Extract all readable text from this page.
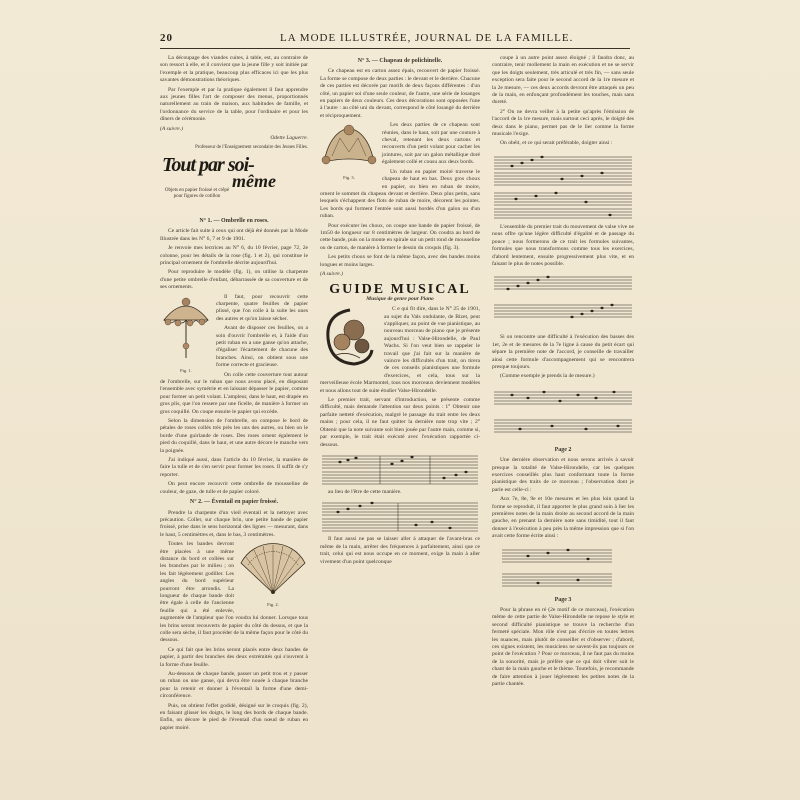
20	LA MODE ILLUSTRÉE, JOURNAL DE LA FAMILLE.

La découpage des viandes cuites, à table, est, au contraire de son ressort à elle, et il convient que la jeune fille y soit initiée par l'exemple et la pratique, beaucoup plus efficaces ici que les plus savantes démonstrations théoriques.

Par l'exemple et par la pratique également il faut apprendre aux jeunes filles l'art de composer des menus, proportionnés naturellement au train de maison, aux habitudes de famille, et l'ordonnance du service de la table, pour l'ordinaire et pour les dîners de cérémonie.

(A suivre.)
Odette Laguerre.
Professeur de l'Enseignement secondaire des Jeunes Filles.
Tout par soi-
même
Objets en papier froissé et crêpé pour figures de cotillon
N° 1. — Ombrelle en roses.

Ce article fait suite à ceux qui ont déjà été donnés par la Mode Illustrée dans les N° 6, 7 et 9 de 1901.

Je renvoie mes lectrices au N° 6, du 10 février, page 72, 2e colonne, pour les détails de la rose (fig. 1 et 2), qui constitue le principal ornement de l'ombrelle décrite aujourd'hui.

Pour reproduire le modèle (fig. 1), on utilise la charpente d'une petite ombrelle d'enfant, débarrassée de sa couverture et de ses ornements.

Fig. 1.

Il faut, pour recouvrir cette charpente, quatre feuilles de papier plissé, que l'on colle à la suite les unes des autres et qu'on laisse sécher.

Avant de disposer ces feuilles, on a soin d'ouvrir l'ombrelle et, à l'aide d'un petit ruban en a une ganse qu'on attache, d'égaliser l'écartement de chacune des branches. Ainsi, on obtient sous une forme correcte et gracieuse.

On colle cette couverture tout autour de l'ombrelle, sur le ruban que nous avons placé, en disposant l'ensemble avec symétrie et en laissant dépasser le papier, comme pour former un petit volant. L'ampleur, dans le haut, est drapée en gros plis, que l'on ressere par une ficelle, de manière à former un gros coquillé. On coupe ensuite le papier qui excède.

Selon la dimension de l'ombrelle, on compose le bord de pétales de roses collés très près les uns des autres, ou bien on le borde d'une guirlande de roses. Des roses ornent également le pied du coquillé, dans le haut, et une autre décore le manche vers la poignée.

J'ai indiqué aussi, dans l'article du 10 février, la manière de faire la tulle et de s'en servir pour former les roses. Il suffit de s'y reporter.

On peut encore recouvrir cette ombrelle de mousseline de couleur, de gaze, de tulle et de papier coloré.

N° 2. — Éventail en papier froissé.

Prendre la charpente d'un vieil éventail et la nettoyer avec précaution. Coller, sur chaque brin, une petite bande de papier froissé, prise dans le sens horizontal des lignes — mesurant, dans le haut, 5 centimètres et, dans le bas, 3 centimètres.

Fig. 2.

Toutes les bandes devront être placées à une même distance du bord et collées sur les branches par le milieu ; on les fait légèrement godiller. Les angles du bord supérieur pourront être arrondis. La longueur de chaque bande doit être égale à celle de l'ancienne feuille qui a été enlevée, augmentée de l'ampleur que l'on voudra lui donner. Lorsque tous les brins seront recouverts de papier du côté du dessus, et que la colle sera sèche, il faut procéder de la même façon pour le côté du dessous.

Ce qui fait que les brins seront placés entre deux bandes de papier, à partir des branches des deux extrémités qui s'ouvrent à la forme d'une feuille.

Au-dessous de chaque bande, passer un petit trou et y passer un ruban ou une ganse, qui devra être nouée à chaque branche pour la retenir et donner à l'éventail la forme d'une demi-circonférence.

Puis, on obtient l'effet godidé, désigné sur le croquis (fig. 2), en faisant glisser les doigts, le long des bords de chaque bande. Enfin, on décore le pied de l'éventail d'un nœud de ruban en papier moiré.

N° 3. — Chapeau de polichinelle.

Ce chapeau est en carton assez épais, recouvert de papier froissé. La forme se compose de deux parties : le devant et le derrière. Chacune de ces parties est décorée par motifs de deux façons différentes : d'un côté, un papier soi d'une seule couleur, de l'autre, une série de losanges en papiers de deux couleurs. Ces deux décorations sont opposées l'une à l'autre : au côté uni du devant, correspond le côté losangé du derrière et réciproquement.

Fig. 3.

Les deux parties de ce chapeau sont réunies, dans le haut, soit par une couture à cheval, retenant les deux cartons et recouverts d'un petit volant pour cacher les jointures, soit par un galon métallique doré également collé et cousu aux deux bords.

Un ruban en papier moiré traverse le chapeau de haut en bas. Deux gros choux en papier, ou bien en ruban de moire, ornent le sommet du chapeau devant et derrière. Deux plus petits, sans lesquels s'échappent des flots de ruban de moire, décorent les pointes. Les bords qui forment l'entrée sont aussi bordés d'un galon ou d'un ruban.

Pour exécuter les choux, on coupe une bande de papier froissé, de 1m50 de longueur sur 8 centimètres de largeur. On coudra au bord de cette bande, puis on la monte en spirale sur un petit rond de mousseline ou de carton, de manière à former le dessin du croquis (fig. 3).

Les petits choux se font de la même façon, avec des bandes moins longues et moins larges.

(A suivre.)
GUIDE MUSICAL
Musique de genre pour Piano

C e qui fit dire, dans le N° 25 de 1901, au sujet du Vals ondulante, de Bizet, peut s'appliquer, au point de vue pianistique, au nouveau morceau de piano que je présente aujourd'hui : Valse-Hirondelle, de Paul Wachs. Si l'on veut bien se rappeler le travail que j'ai fait sur la manière de vaincre les difficultés d'un trait, on tirera de ces conseils pianistiques une formule d'exercices, et cela, tous sur la merveilleuse école Marmontel, tous nos morceaux deviennent modèles et nous allons tout de suite étudier Valse-Hirondelle.

Le premier trait, servant d'introduction, se présente comme difficulté, mais demande l'attention sur deux points : 1° Obtenir une parfaite netteté d'exécution, malgré le passage du trait entre les deux mains ; pour cela, il ne faut quitter la dernière note trop vite ; 2° Obtenir que la note suivante soit bien jouée par l'autre main, comme si, par exemple, le trait était exécuté avec l'exécution rapportée ci-dessous.

au lieu de l'être de cette manière.

Il faut aussi ne pas se laisser aller à attaquer de l'avant-bras ce même de la main, arrêter des fréquences à parfaitement, ainsi que ce trait, celui qui est nous occupe en ce moment, exige la main à aller vivement d'un point quelconque

coupe à un autre point assez éloigné ; il faudra donc, au contraire, tenir mollement la main en exécution et ne se servir que les doigts seulement, très articulé et très fin, — sans seule exception sera faite pour le second accord de la 1re mesure et la 2e mesure, — ces deux accords devront être attaqués un peu de la main, en enfonçant profondément les touches, mais sans dureté.

2° On ne devra veiller à la petite qu'après l'émission de l'accord de la 1re mesure, mais surtout ceci après, le doigté des deux dans le piano, permet pas de le lier comme la forme musicale l'exige.

On obéit, et ce qui serait préférable, doigter ainsi :

L'ensemble du premier trait du mouvement de valse vive ne nous offre qu'une légère difficulté d'égalité et de passage du pouce ; nous formerons de ce trait les formules suivantes, formules que nous transformons comme tous les exercices, d'abord lentement, ensuite progressivement plus vite, et en faisant le plus de notes possible.

Si on rencontre une difficulté à l'exécution des basses des 1er, 2e et 4e mesures de la 7e ligne à cause du petit écart qui sépare la première note de l'accord, je conseille de travailler ainsi cette formule d'accompagnement qui se rencontrera presque toujours.

(Comme exemple je prends la 4e mesure.)

Page 2

Une dernière observation et nous serons arrivés à savoir presque la totalité de Valse-Hirondelle, car les quelques exercices conseillés plus haut conformant toute la forme pianistique des traits de ce morceau ; l'observation dont je parle est celle-ci :

Aux 7e, 8e, 9e et 10e mesures et les plus loin quand la forme se reproduit, il faut apporter le plus grand soin à lier les premières notes de la main droite au second accord de la main gauche, en prenant la dernière note sans timidité, tout il faut donner à l'exécution à peu près la même impression que si l'on avait cette forme écrite ainsi :

Page 3

Pour la phrase en ré (2e motif de ce morceau), l'exécution même de cette partie de Valse-Hirondelle ne repose le style et second difficulté pianistique se trouve la recherche d'un fermeté spéciale. Mon rôle n'est pas d'écrire en toutes lettres les nuances, mais plutôt de conseiller et d'observer ; d'abord, ces signes existent, les musiciens ne savent-ils pas toujours ce point de l'exécution ? Pour ce morceau, il ne faut pas du moins de la sonorité, mais je préfère que ce qui doit vibrer soit le chant de la main gauche et le thème. Toutefois, je recommande de faire attention à jouer légèrement les petites notes de la partie chantée.
